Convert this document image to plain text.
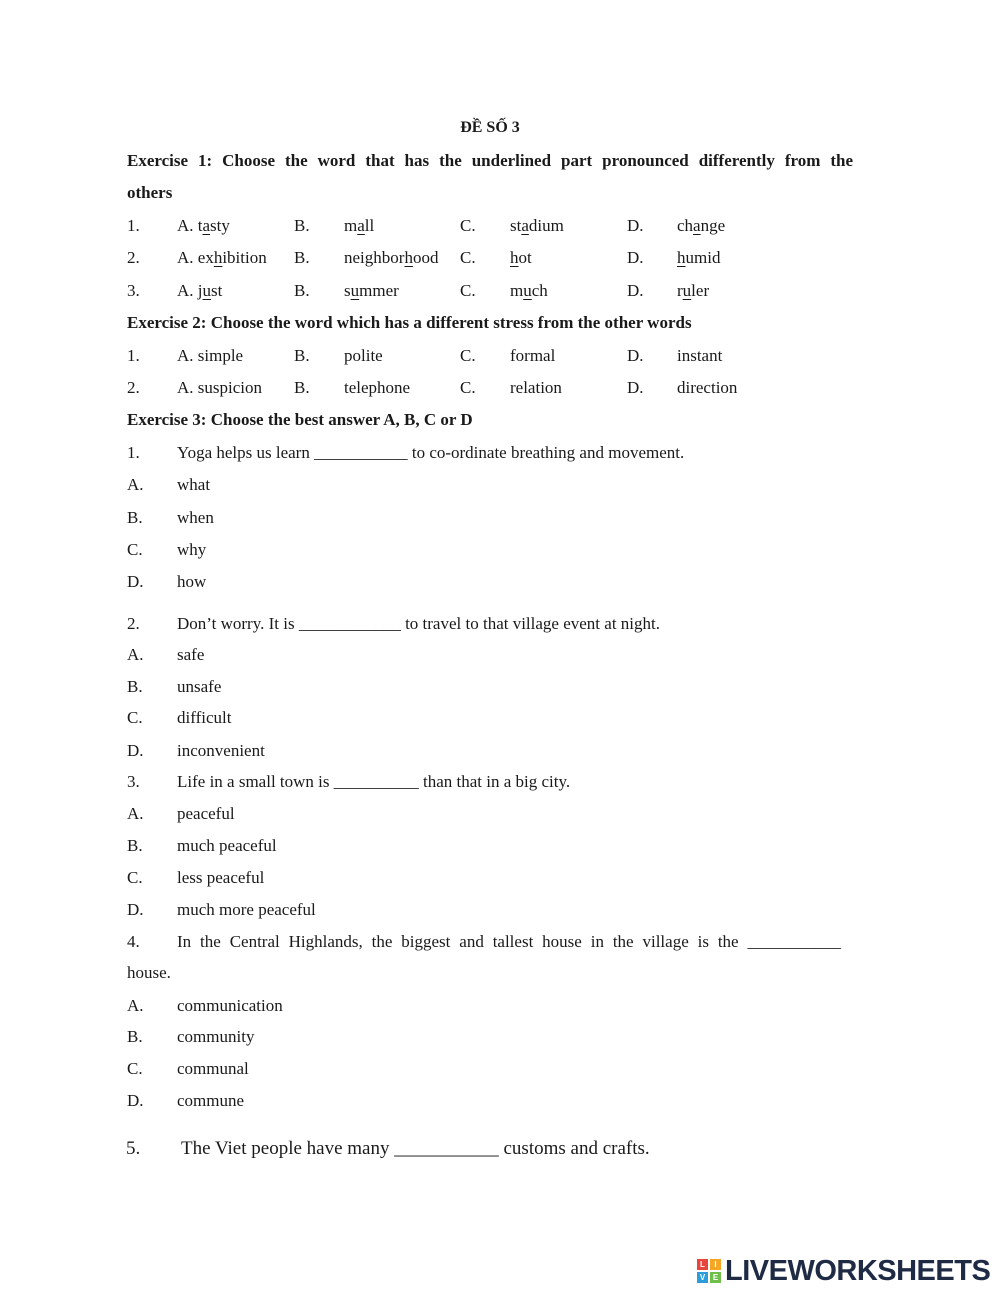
ĐỀ SỐ 3
Exercise 1: Choose the word that has the underlined part pronounced differently from the
others
1. A. tasty	B. mall	C. stadium	D. change
2. A. exhibition B. neighborhood C. hot	D. humid
3. A. just	B. summer	C. much	D. ruler
Exercise 2: Choose the word which has a different stress from the other words
1. A. simple	B. polite	C. formal	D. instant
2. A. suspicion B. telephone	C. relation	D. direction
Exercise 3: Choose the best answer A, B, C or D
1. Yoga helps us learn ___________ to co-ordinate breathing and movement.
A. what
B. when
C. why
D. how
2. Don’t worry. It is ____________ to travel to that village event at night.
A. safe
B. unsafe
C. difficult
D. inconvenient
3. Life in a small town is __________ than that in a big city.
A. peaceful
B. much peaceful
C. less peaceful
D. much more peaceful
4. In the Central Highlands, the biggest and tallest house in the village is the ___________
house.
A. communication
B. community
C. communal
D. commune
5. The Viet people have many ___________ customs and crafts.
L	I
V E LIVEWORKSHEETS
